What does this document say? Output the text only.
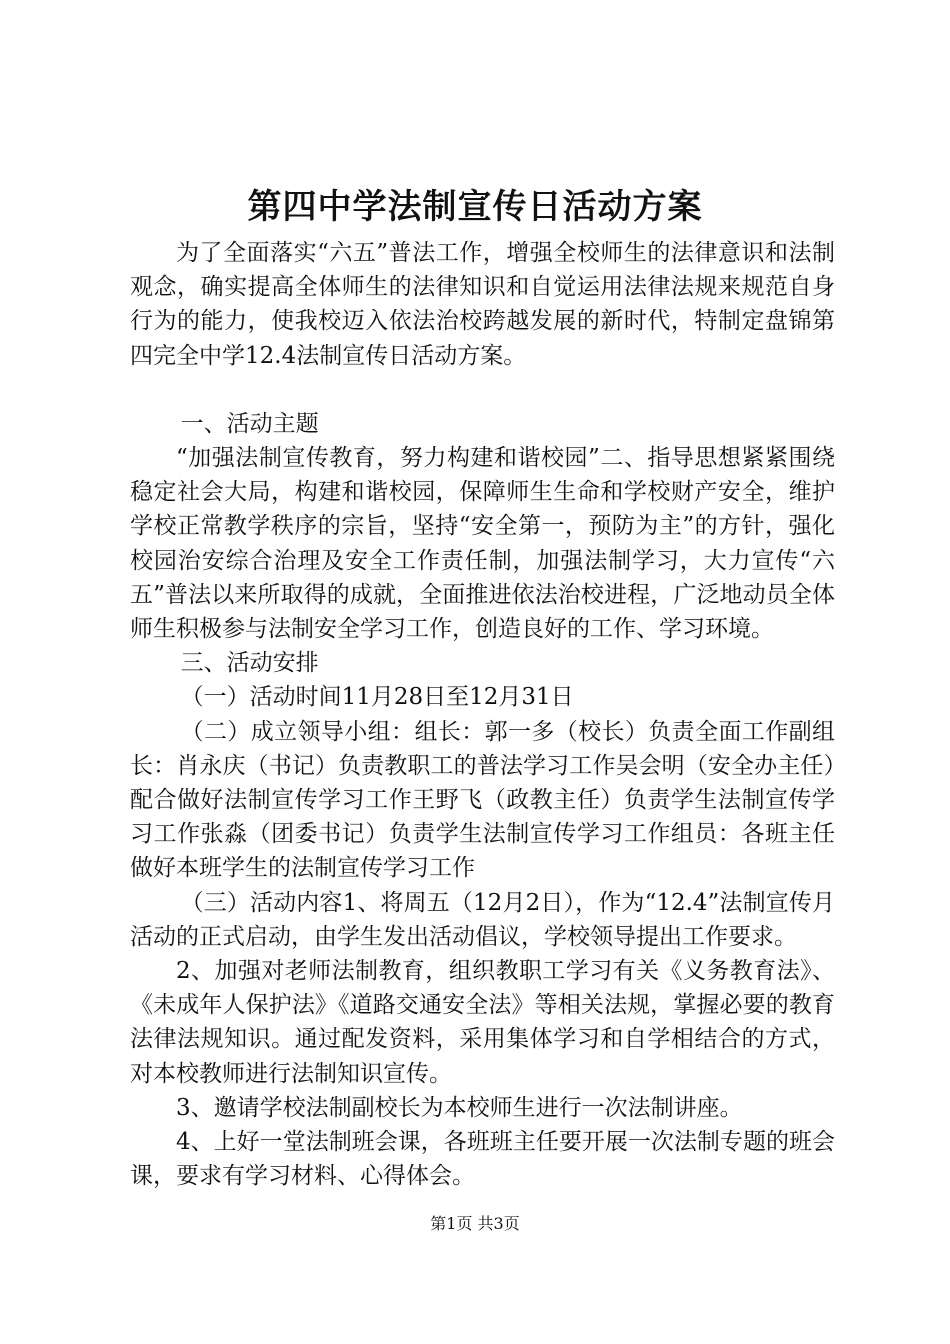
第四中学法制宣传日活动方案

为了全面落实“六五”普法工作，增强全校师生的法律意识和法制观念，确实提高全体师生的法律知识和自觉运用法律法规来规范自身行为的能力，使我校迈入依法治校跨越发展的新时代，特制定盘锦第四完全中学12.4法制宣传日活动方案。

一、活动主题

“加强法制宣传教育，努力构建和谐校园”二、指导思想紧紧围绕稳定社会大局，构建和谐校园，保障师生生命和学校财产安全，维护学校正常教学秩序的宗旨，坚持“安全第一，预防为主”的方针，强化校园治安综合治理及安全工作责任制，加强法制学习，大力宣传“六五”普法以来所取得的成就，全面推进依法治校进程，广泛地动员全体师生积极参与法制安全学习工作，创造良好的工作、学习环境。

三、活动安排

（一）活动时间11月28日至12月31日

（二）成立领导小组：组长：郭一多（校长）负责全面工作副组长：肖永庆（书记）负责教职工的普法学习工作吴会明（安全办主任）配合做好法制宣传学习工作王野飞（政教主任）负责学生法制宣传学习工作张淼（团委书记）负责学生法制宣传学习工作组员：各班主任做好本班学生的法制宣传学习工作

（三）活动内容1、将周五（12月2日），作为“12.4”法制宣传月活动的正式启动，由学生发出活动倡议，学校领导提出工作要求。

2、加强对老师法制教育，组织教职工学习有关《义务教育法》、《未成年人保护法》《道路交通安全法》等相关法规，掌握必要的教育法律法规知识。通过配发资料，采用集体学习和自学相结合的方式，对本校教师进行法制知识宣传。

3、邀请学校法制副校长为本校师生进行一次法制讲座。

4、上好一堂法制班会课，各班班主任要开展一次法制专题的班会课，要求有学习材料、心得体会。

第1页 共3页
